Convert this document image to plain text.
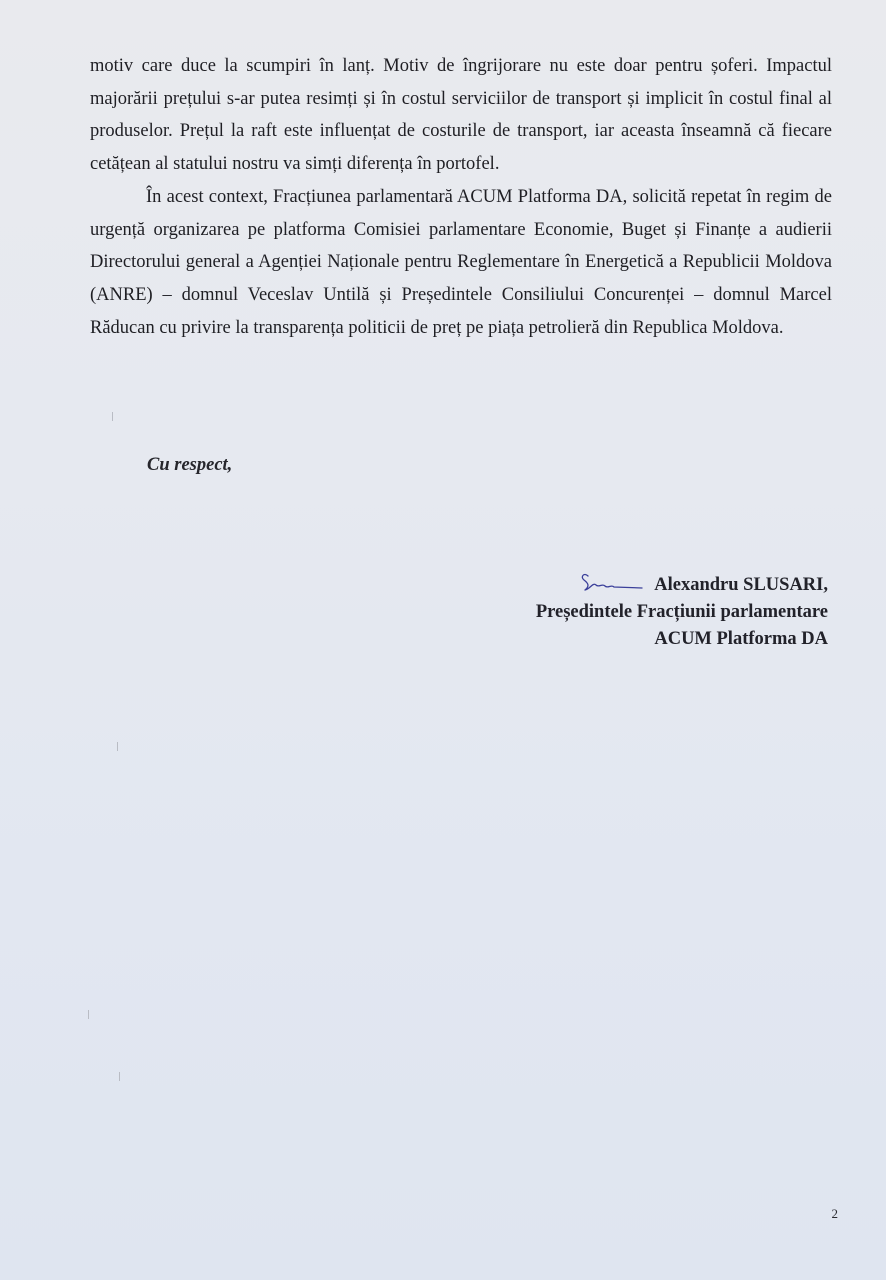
motiv care duce la scumpiri în lanț. Motiv de îngrijorare nu este doar pentru șoferi. Impactul majorării prețului s-ar putea resimți și în costul serviciilor de transport și implicit în costul final al produselor. Prețul la raft este influențat de costurile de transport, iar aceasta înseamnă că fiecare cetățean al statului nostru va simți diferența în portofel.

În acest context, Fracțiunea parlamentară ACUM Platforma DA, solicită repetat în regim de urgență organizarea pe platforma Comisiei parlamentare Economie, Buget și Finanțe a audierii Directorului general a Agenției Naționale pentru Reglementare în Energetică a Republicii Moldova (ANRE) – domnul Veceslav Untilă și Președintele Consiliului Concurenței – domnul Marcel Răducan cu privire la transparența politicii de preț pe piața petrolieră din Republica Moldova.

Cu respect,
Alexandru SLUSARI,
Președintele Fracțiunii parlamentare
ACUM Platforma DA
2
